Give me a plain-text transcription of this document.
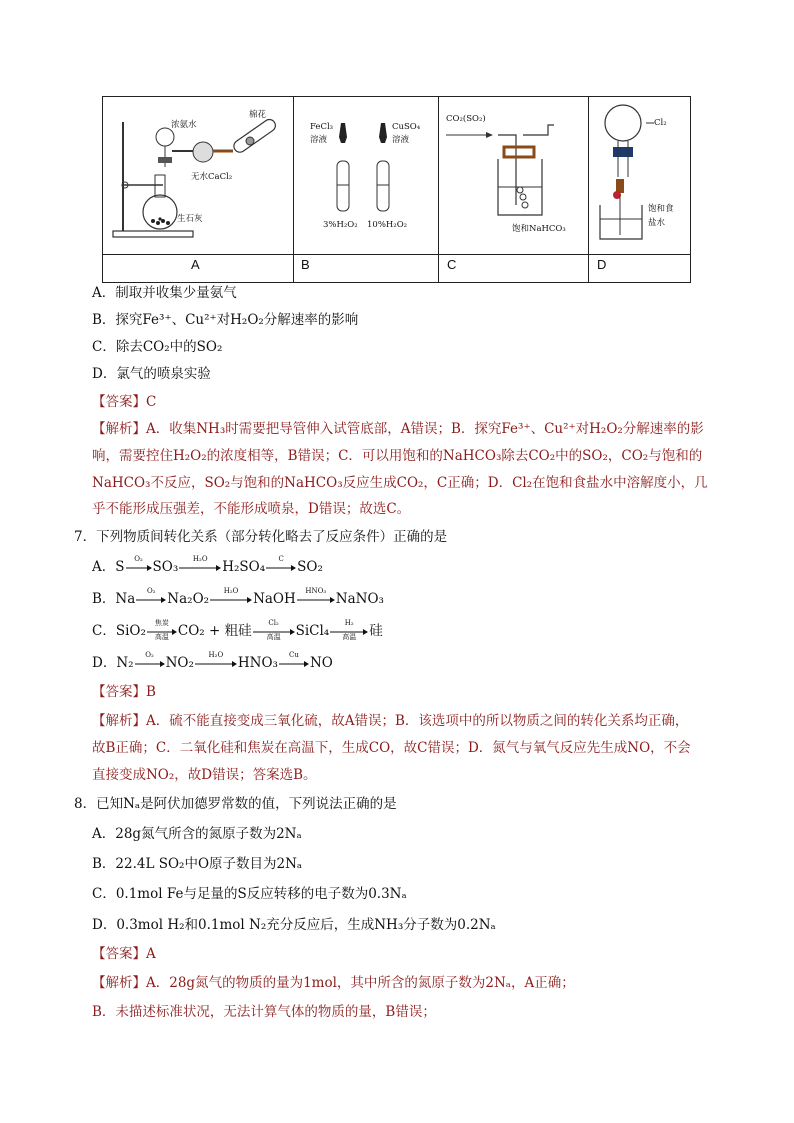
浓氨水
棉花
无水CaCl₂
生石灰
FeCl₃
溶液
CuSO₄
溶液
3%H₂O₂ 10%H₂O₂
CO₂(SO₂)
饱和NaHCO₃
Cl₂
饱和食
盐水
A	B	C	D
A．制取并收集少量氨气
B．探究Fe³⁺、Cu²⁺对H₂O₂分解速率的影响
C．除去CO₂中的SO₂
D．氯气的喷泉实验
【答案】C
【解析】A．收集NH₃时需要把导管伸入试管底部，A错误；B．探究Fe³⁺、Cu²⁺对H₂O₂分解速率的影
响，需要控住H₂O₂的浓度相等，B错误；C．可以用饱和的NaHCO₃除去CO₂中的SO₂，CO₂与饱和的
NaHCO₃不反应，SO₂与饱和的NaHCO₃反应生成CO₂，C正确；D．Cl₂在饱和食盐水中溶解度小，几
乎不能形成压强差，不能形成喷泉，D错误；故选C。
7．下列物质间转化关系（部分转化略去了反应条件）正确的是
A．S
O₂
SO₃
H₂O
H₂SO₄
C
SO₂
B．Na
O₂
Na₂O₂
H₂O
NaOH
HNO₃
NaNO₃
C．SiO₂
焦炭
高温 CO₂ + 粗硅
Cl₂
高温	SiCl₄
H₂
高温 硅
D．N₂
O₂
NO₂
H₂O
HNO₃
Cu
NO
【答案】B
【解析】A．硫不能直接变成三氧化硫，故A错误；B．该选项中的所以物质之间的转化关系均正确，
故B正确；C．二氧化硅和焦炭在高温下，生成CO，故C错误；D．氮气与氧气反应先生成NO，不会
直接变成NO₂，故D错误；答案选B。
8．已知Nₐ是阿伏加德罗常数的值，下列说法正确的是
A．28g氮气所含的氮原子数为2Nₐ
B．22.4L SO₂中O原子数目为2Nₐ
C．0.1mol Fe与足量的S反应转移的电子数为0.3Nₐ
D．0.3mol H₂和0.1mol N₂充分反应后，生成NH₃分子数为0.2Nₐ
【答案】A
【解析】A．28g氮气的物质的量为1mol，其中所含的氮原子数为2Nₐ，A正确；
B．未描述标准状况，无法计算气体的物质的量，B错误；
